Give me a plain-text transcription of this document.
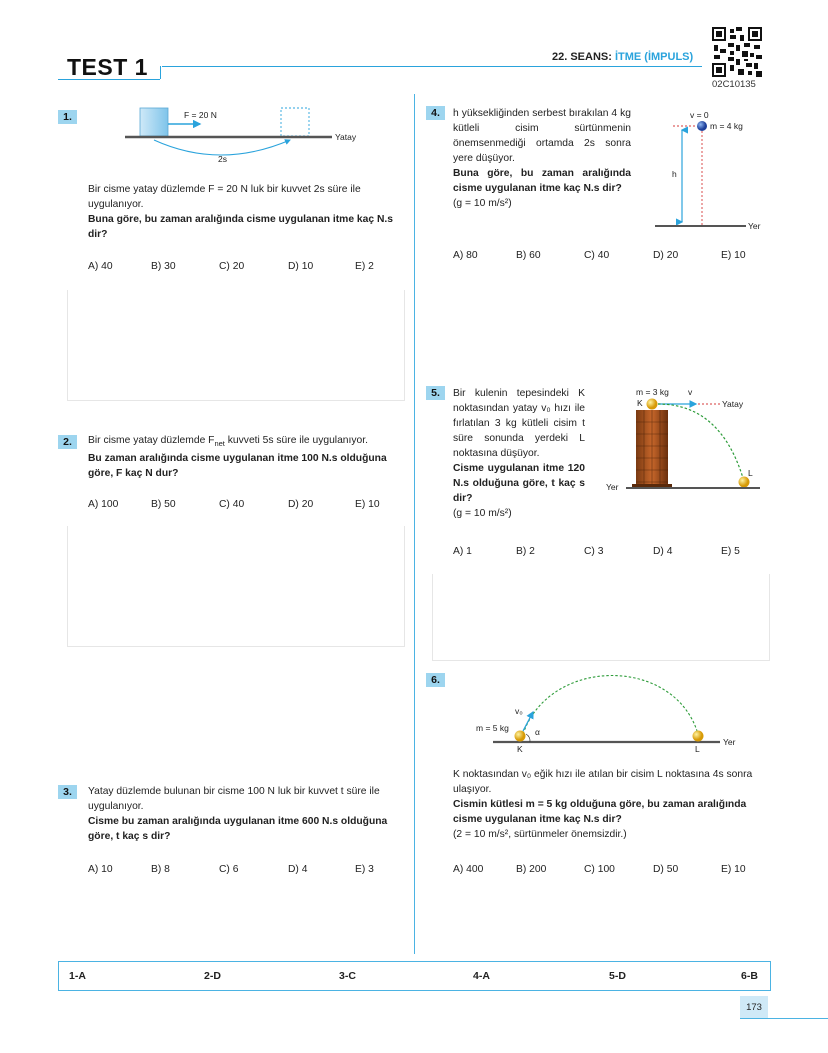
TEST 1	22. SEANS: İTME (İMPULS)
02C10135
1.	F = 20 N
Yatay
2s
Bir cisme yatay düzlemde F = 20 N luk bir kuvvet 2s süre ile uygulanıyor.
Buna göre, bu zaman aralığında cisme uygulanan itme kaç N.s dir?
A) 40	B) 30	C) 20	D) 10	E) 2
2.	Bir cisme yatay düzlemde $F_{net}$ kuvveti 5s süre ile uygulanıyor.
Bu zaman aralığında cisme uygulanan itme 100 N.s olduğuna göre, F kaç N dur?
A) 100	B) 50	C) 40	D) 20	E) 10
3.	Yatay düzlemde bulunan bir cisme 100 N luk bir kuvvet t süre ile uygulanıyor.
Cisme bu zaman aralığında uygulanan itme 600 N.s olduğuna göre, t kaç s dir?
A) 10	B) 8	C) 6	D) 4	E) 3
4.	h yüksekliğinden serbest bırakılan 4 kg kütleli cisim sürtünmenin önemsenmediği ortamda 2s sonra yere düşüyor.
Buna göre, bu zaman aralığında cisme uygulanan itme kaç N.s dir?
(g = 10 m/s²)
v = 0
m = 4 kg
h
Yer
A) 80	B) 60	C) 40	D) 20	E) 10
5.	Bir kulenin tepesindeki K noktasından yatay v₀ hızı ile fırlatılan 3 kg kütleli cisim t süre sonunda yerdeki L noktasına düşüyor.
Cisme uygulanan itme 120 N.s olduğuna göre, t kaç s dir?
(g = 10 m/s²)
m = 3 kg v
K	Yatay
L
Yer
A) 1	B) 2	C) 3	D) 4	E) 5
6.
v₀
α
m = 5 kg
K	L
Yer
K noktasından v₀ eğik hızı ile atılan bir cisim L noktasına 4s sonra ulaşıyor.
Cismin kütlesi m = 5 kg olduğuna göre, bu zaman aralığında cisme uygulanan itme kaç N.s dir?
(2 = 10 m/s², sürtünmeler önemsizdir.)
A) 400	B) 200	C) 100	D) 50	E) 10
1-A	2-D	3-C	4-A	5-D	6-B
173
